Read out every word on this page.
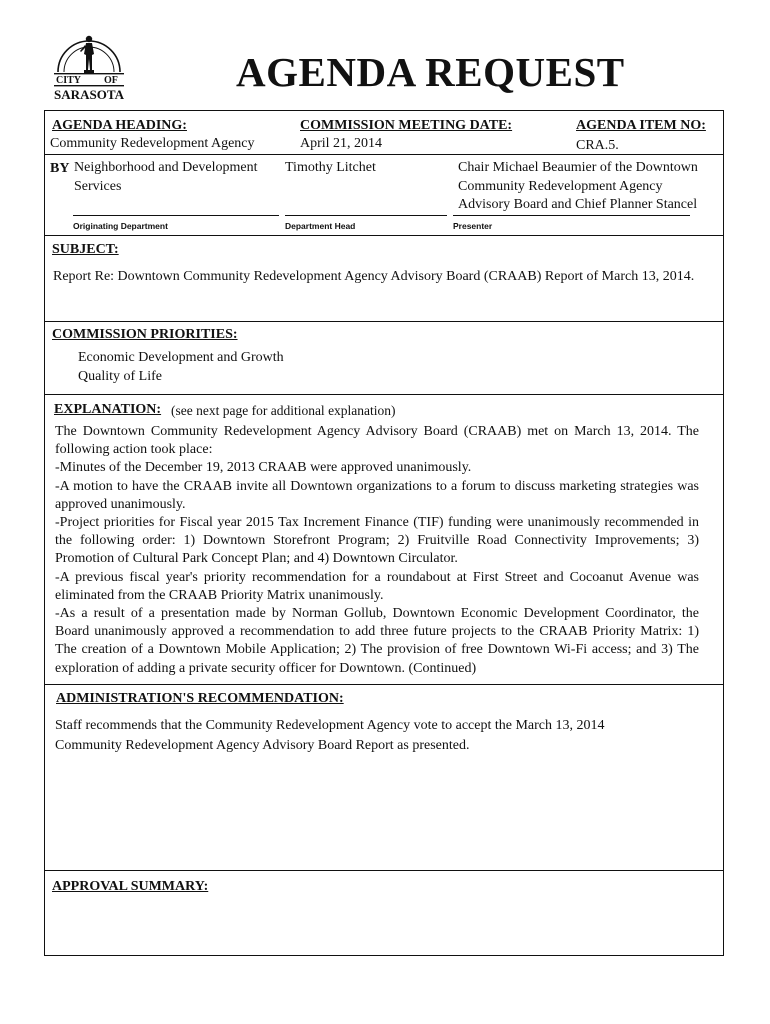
CITY OF
SARASOTA	AGENDA REQUEST
AGENDA HEADING:
Community Redevelopment Agency
COMMISSION MEETING DATE:
April 21, 2014
AGENDA ITEM NO:
CRA.5.
BY Neighborhood and Development
Services
Timothy Litchet	Chair Michael Beaumier of the Downtown
Community Redevelopment Agency
Advisory Board and Chief Planner Stancel
Originating Department	Department Head	Presenter
SUBJECT:

Report Re: Downtown Community Redevelopment Agency Advisory Board (CRAAB) Report of March 13, 2014.

COMMISSION PRIORITIES:
Economic Development and Growth
Quality of Life
EXPLANATION: (see next page for additional explanation)

The Downtown Community Redevelopment Agency Advisory Board (CRAAB) met on March 13, 2014. The following action took place:

-Minutes of the December 19, 2013 CRAAB were approved unanimously.

-A motion to have the CRAAB invite all Downtown organizations to a forum to discuss marketing strategies was approved unanimously.

-Project priorities for Fiscal year 2015 Tax Increment Finance (TIF) funding were unanimously recommended in the following order: 1) Downtown Storefront Program; 2) Fruitville Road Connectivity Improvements; 3) Promotion of Cultural Park Concept Plan; and 4) Downtown Circulator.

-A previous fiscal year's priority recommendation for a roundabout at First Street and Cocoanut Avenue was eliminated from the CRAAB Priority Matrix unanimously.

-As a result of a presentation made by Norman Gollub, Downtown Economic Development Coordinator, the Board unanimously approved a recommendation to add three future projects to the CRAAB Priority Matrix: 1) The creation of a Downtown Mobile Application; 2) The provision of free Downtown Wi-Fi access; and 3) The exploration of adding a private security officer for Downtown. (Continued)

ADMINISTRATION'S RECOMMENDATION:
Staff recommends that the Community Redevelopment Agency vote to accept the March 13, 2014
Community Redevelopment Agency Advisory Board Report as presented.
APPROVAL SUMMARY:
